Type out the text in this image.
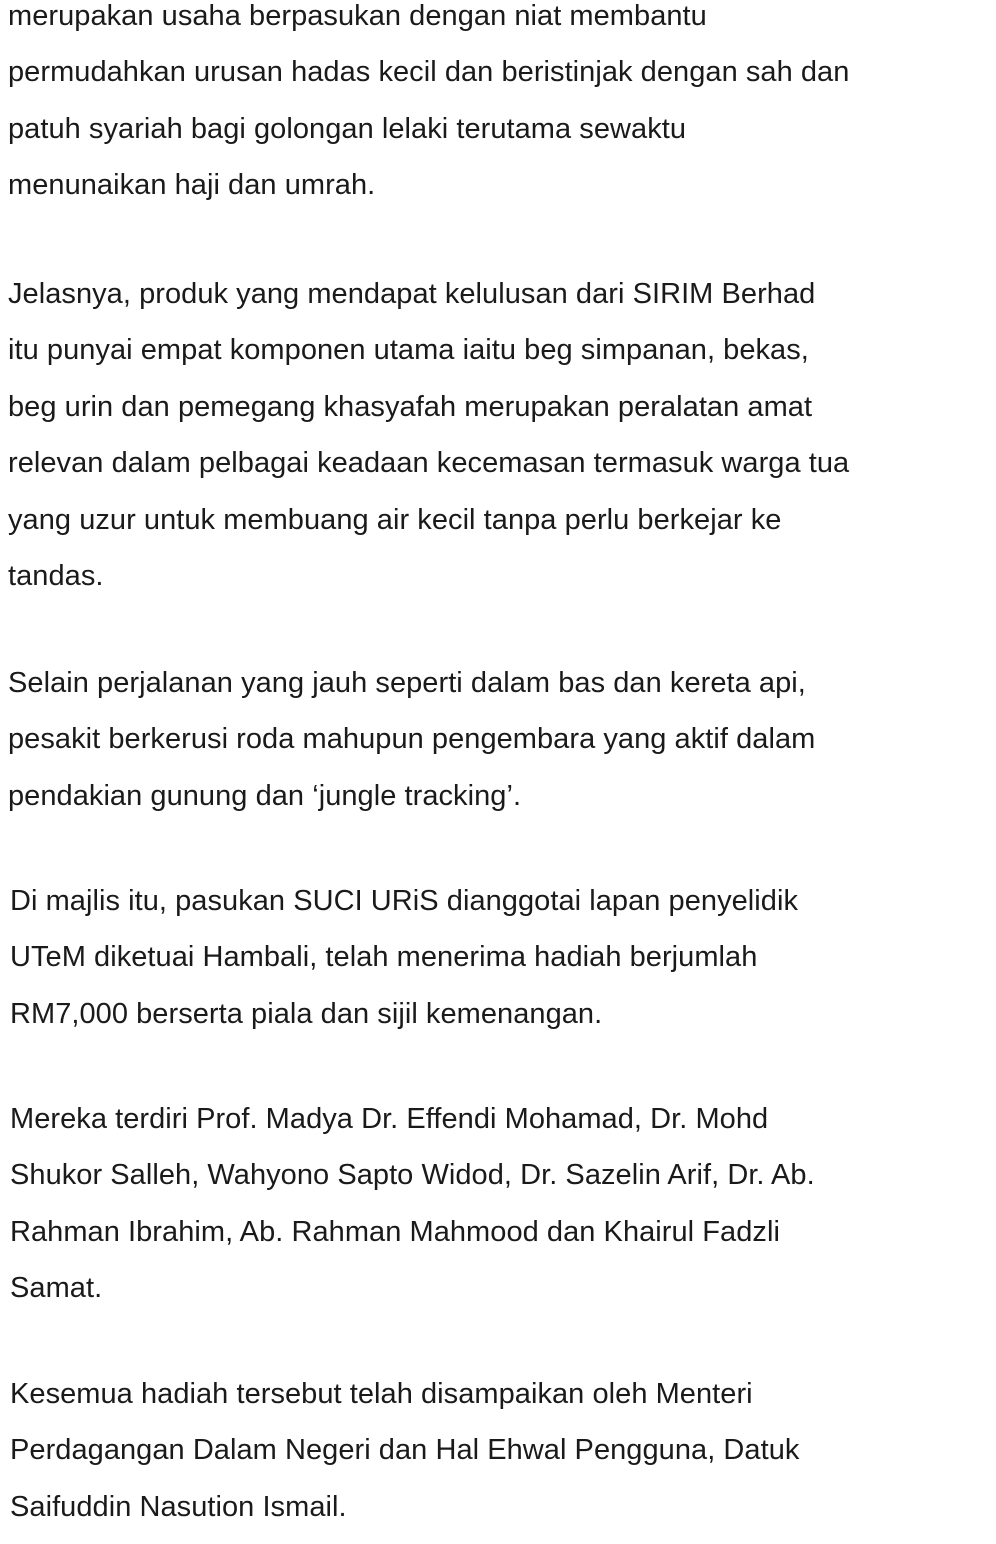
merupakan usaha berpasukan dengan niat membantu
permudahkan urusan hadas kecil dan beristinjak dengan sah dan
patuh syariah bagi golongan lelaki terutama sewaktu
menunaikan haji dan umrah.

Jelasnya, produk yang mendapat kelulusan dari SIRIM Berhad
itu punyai empat komponen utama iaitu beg simpanan, bekas,
beg urin dan pemegang khasyafah merupakan peralatan amat
relevan dalam pelbagai keadaan kecemasan termasuk warga tua
yang uzur untuk membuang air kecil tanpa perlu berkejar ke
tandas.

Selain perjalanan yang jauh seperti dalam bas dan kereta api,
pesakit berkerusi roda mahupun pengembara yang aktif dalam
pendakian gunung dan ‘jungle tracking’.

Di majlis itu, pasukan SUCI URiS dianggotai lapan penyelidik
UTeM diketuai Hambali, telah menerima hadiah berjumlah
RM7,000 berserta piala dan sijil kemenangan.

Mereka terdiri Prof. Madya Dr. Effendi Mohamad, Dr. Mohd
Shukor Salleh, Wahyono Sapto Widod, Dr. Sazelin Arif, Dr. Ab.
Rahman Ibrahim, Ab. Rahman Mahmood dan Khairul Fadzli
Samat.

Kesemua hadiah tersebut telah disampaikan oleh Menteri
Perdagangan Dalam Negeri dan Hal Ehwal Pengguna, Datuk
Saifuddin Nasution Ismail.
